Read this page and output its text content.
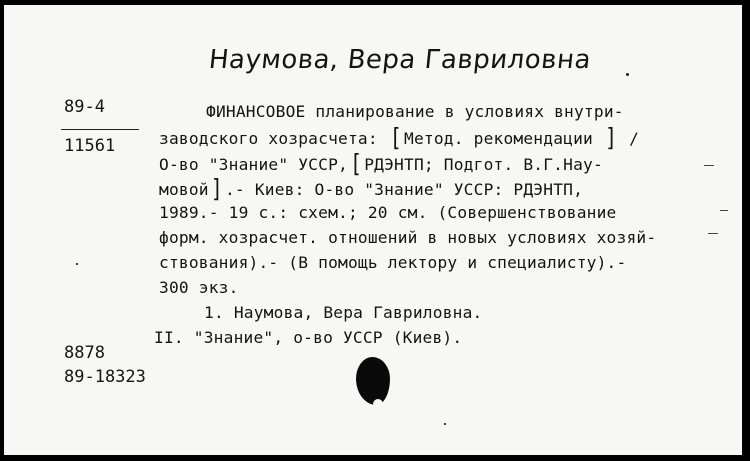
Наумова, Вера Гавриловна
89-4
11561
ФИНАНСОВОЕ планирование в условиях внутри-
заводского хозрасчета: [ Метод. рекомендации ] /
О-во "Знание" УССР, [ РДЭНТП; Подгот. В.Г.Нау-
мовой ] .- Киев: О-во "Знание" УССР: РДЭНТП,
1989.- 19 с.: схем.; 20 см. (Совершенствование
форм. хозрасчет. отношений в новых условиях хозяй-
ствования).- (В помощь лектору и специалисту).-
300 экз.
1. Наумова, Вера Гавриловна.
II. "Знание", о-во УССР (Киев).
8878
89-18323
